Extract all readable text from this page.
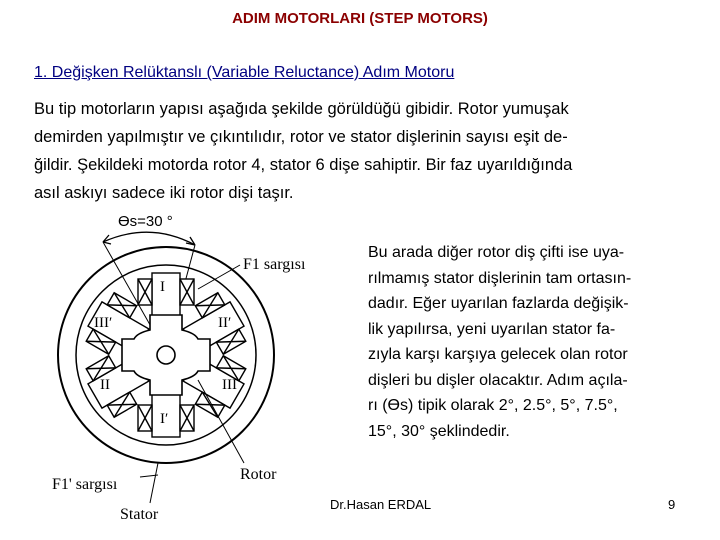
ADIM MOTORLARI (STEP MOTORS)
1. Değişken Relüktanslı (Variable Reluctance) Adım Motoru
Bu tip motorların yapısı aşağıda şekilde görüldüğü gibidir. Rotor yumuşak
demirden yapılmıştır ve çıkıntılıdır, rotor ve stator dişlerinin sayısı eşit de-
ğildir. Şekildeki motorda rotor 4, stator 6 dişe sahiptir. Bir faz uyarıldığında
asıl askıyı sadece iki rotor dişi taşır.
Ɵs=30 °
I
II′
III
I′
II
III′
F1 sargısı
F1' sargısı
Rotor
Stator
Bu arada diğer rotor diş çifti ise uya-
rılmamış stator dişlerinin tam ortasın-
dadır. Eğer uyarılan fazlarda değişik-
lik yapılırsa, yeni uyarılan stator fa-
zıyla karşı karşıya gelecek olan rotor
dişleri bu dişler olacaktır. Adım açıla-
rı (Ɵs) tipik olarak 2°, 2.5°, 5°, 7.5°,
15°, 30° şeklindedir.
Dr.Hasan ERDAL	9
